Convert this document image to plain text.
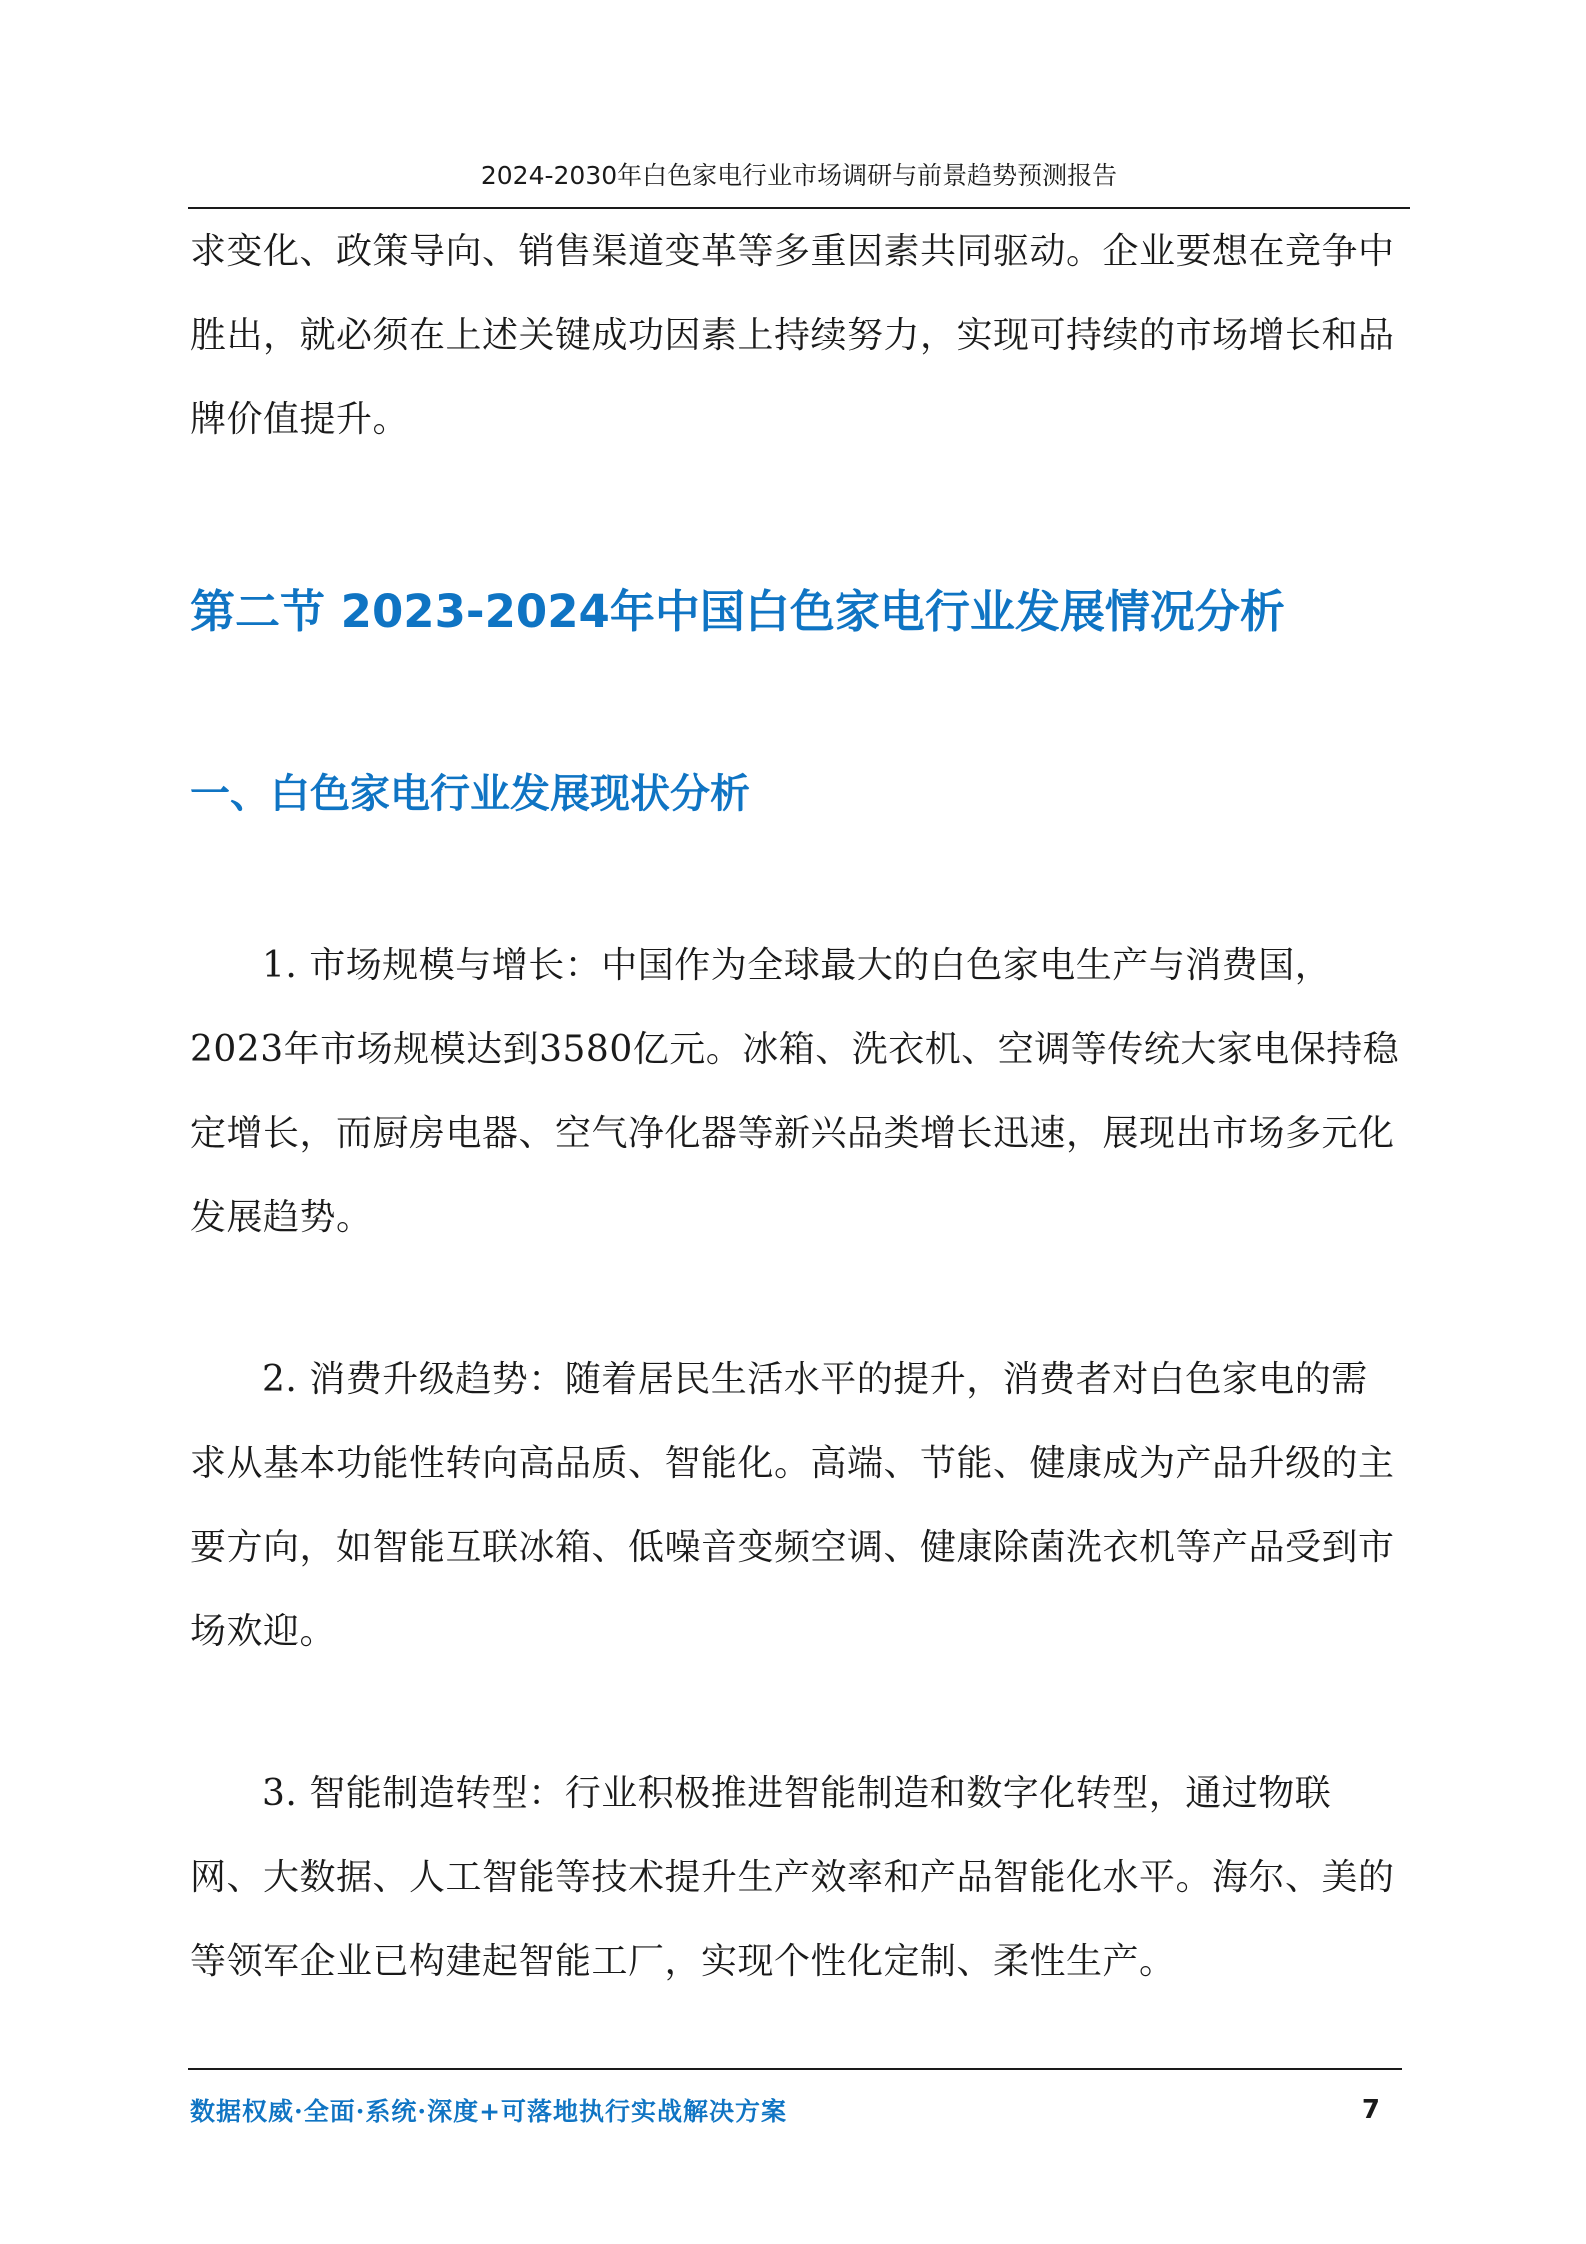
2024-2030年白色家电行业市场调研与前景趋势预测报告

求变化、政策导向、销售渠道变革等多重因素共同驱动。企业要想在竞争中胜出，就必须在上述关键成功因素上持续努力，实现可持续的市场增长和品牌价值提升。

第二节 2023-2024年中国白色家电行业发展情况分析
一、白色家电行业发展现状分析

1. 市场规模与增长：中国作为全球最大的白色家电生产与消费国，2023年市场规模达到3580亿元。冰箱、洗衣机、空调等传统大家电保持稳定增长，而厨房电器、空气净化器等新兴品类增长迅速，展现出市场多元化发展趋势。

2. 消费升级趋势：随着居民生活水平的提升，消费者对白色家电的需求从基本功能性转向高品质、智能化。高端、节能、健康成为产品升级的主要方向，如智能互联冰箱、低噪音变频空调、健康除菌洗衣机等产品受到市场欢迎。

3. 智能制造转型：行业积极推进智能制造和数字化转型，通过物联网、大数据、人工智能等技术提升生产效率和产品智能化水平。海尔、美的等领军企业已构建起智能工厂，实现个性化定制、柔性生产。

数据权威·全面·系统·深度+可落地执行实战解决方案	7
